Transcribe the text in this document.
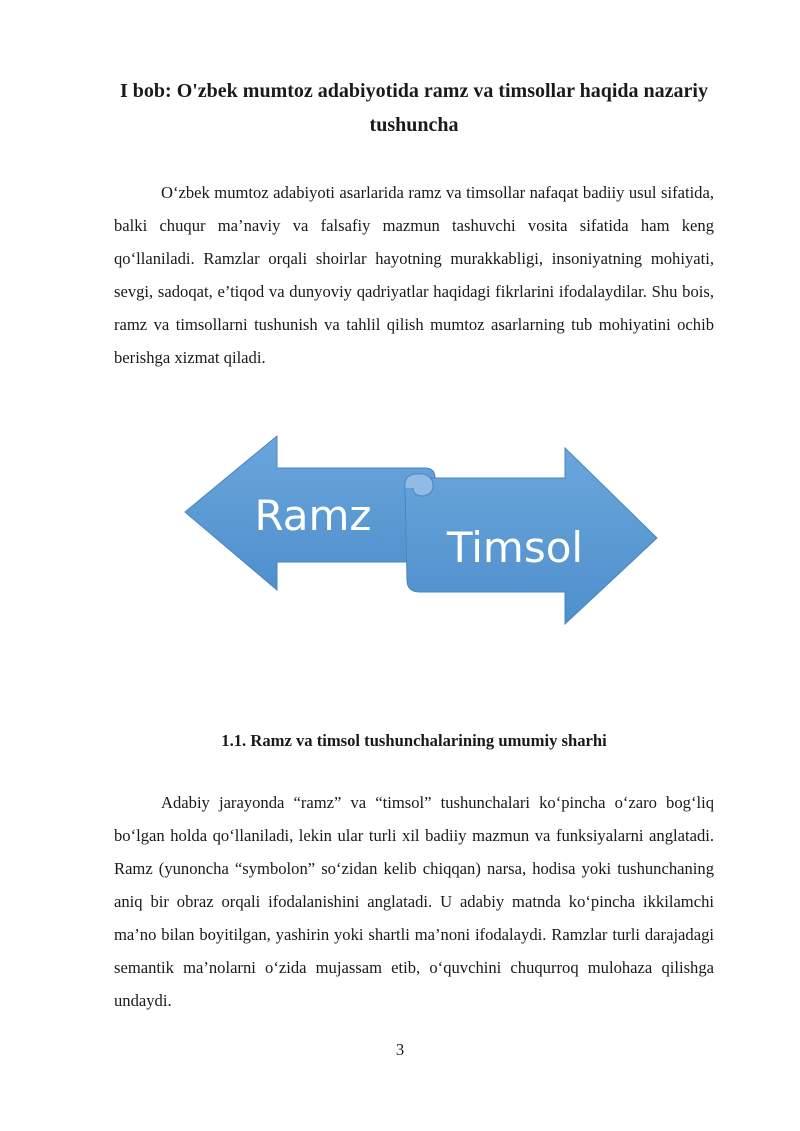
I bob: O'zbek mumtoz adabiyotida ramz va timsollar haqida nazariy tushuncha

O‘zbek mumtoz adabiyoti asarlarida ramz va timsollar nafaqat badiiy usul sifatida, balki chuqur ma’naviy va falsafiy mazmun tashuvchi vosita sifatida ham keng qo‘llaniladi. Ramzlar orqali shoirlar hayotning murakkabligi, insoniyatning mohiyati, sevgi, sadoqat, e’tiqod va dunyoviy qadriyatlar haqidagi fikrlarini ifodalaydilar. Shu bois, ramz va timsollarni tushunish va tahlil qilish mumtoz asarlarning tub mohiyatini ochib berishga xizmat qiladi.

Ramz
Timsol
1.1. Ramz va timsol tushunchalarining umumiy sharhi

Adabiy jarayonda “ramz” va “timsol” tushunchalari ko‘pincha o‘zaro bog‘liq bo‘lgan holda qo‘llaniladi, lekin ular turli xil badiiy mazmun va funksiyalarni anglatadi. Ramz (yunoncha “symbolon” so‘zidan kelib chiqqan) narsa, hodisa yoki tushunchaning aniq bir obraz orqali ifodalanishini anglatadi. U adabiy matnda ko‘pincha ikkilamchi ma’no bilan boyitilgan, yashirin yoki shartli ma’noni ifodalaydi. Ramzlar turli darajadagi semantik ma’nolarni o‘zida mujassam etib, o‘quvchini chuqurroq mulohaza qilishga undaydi.

3
